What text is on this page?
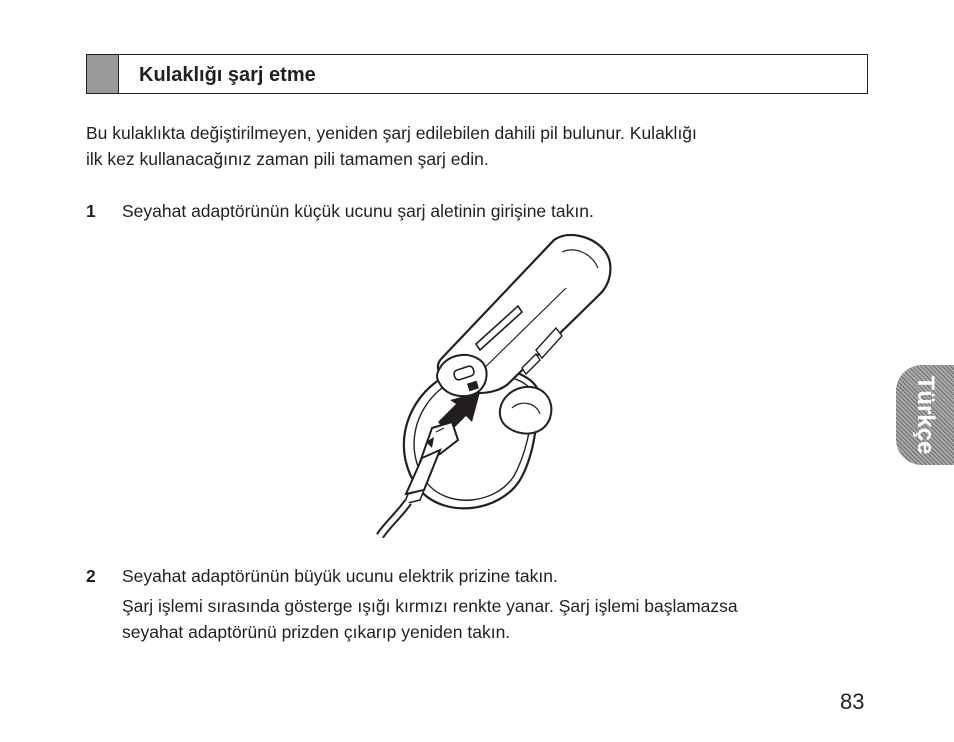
Kulaklığı şarj etme

Bu kulaklıkta değiştirilmeyen, yeniden şarj edilebilen dahili pil bulunur. Kulaklığı
ilk kez kullanacağınız zaman pili tamamen şarj edin.

1 Seyahat adaptörünün küçük ucunu şarj aletinin girişine takın.
2 Seyahat adaptörünün büyük ucunu elektrik prizine takın.
Şarj işlemi sırasında gösterge ışığı kırmızı renkte yanar. Şarj işlemi başlamazsa
seyahat adaptörünü prizden çıkarıp yeniden takın.
Türkçe
83
